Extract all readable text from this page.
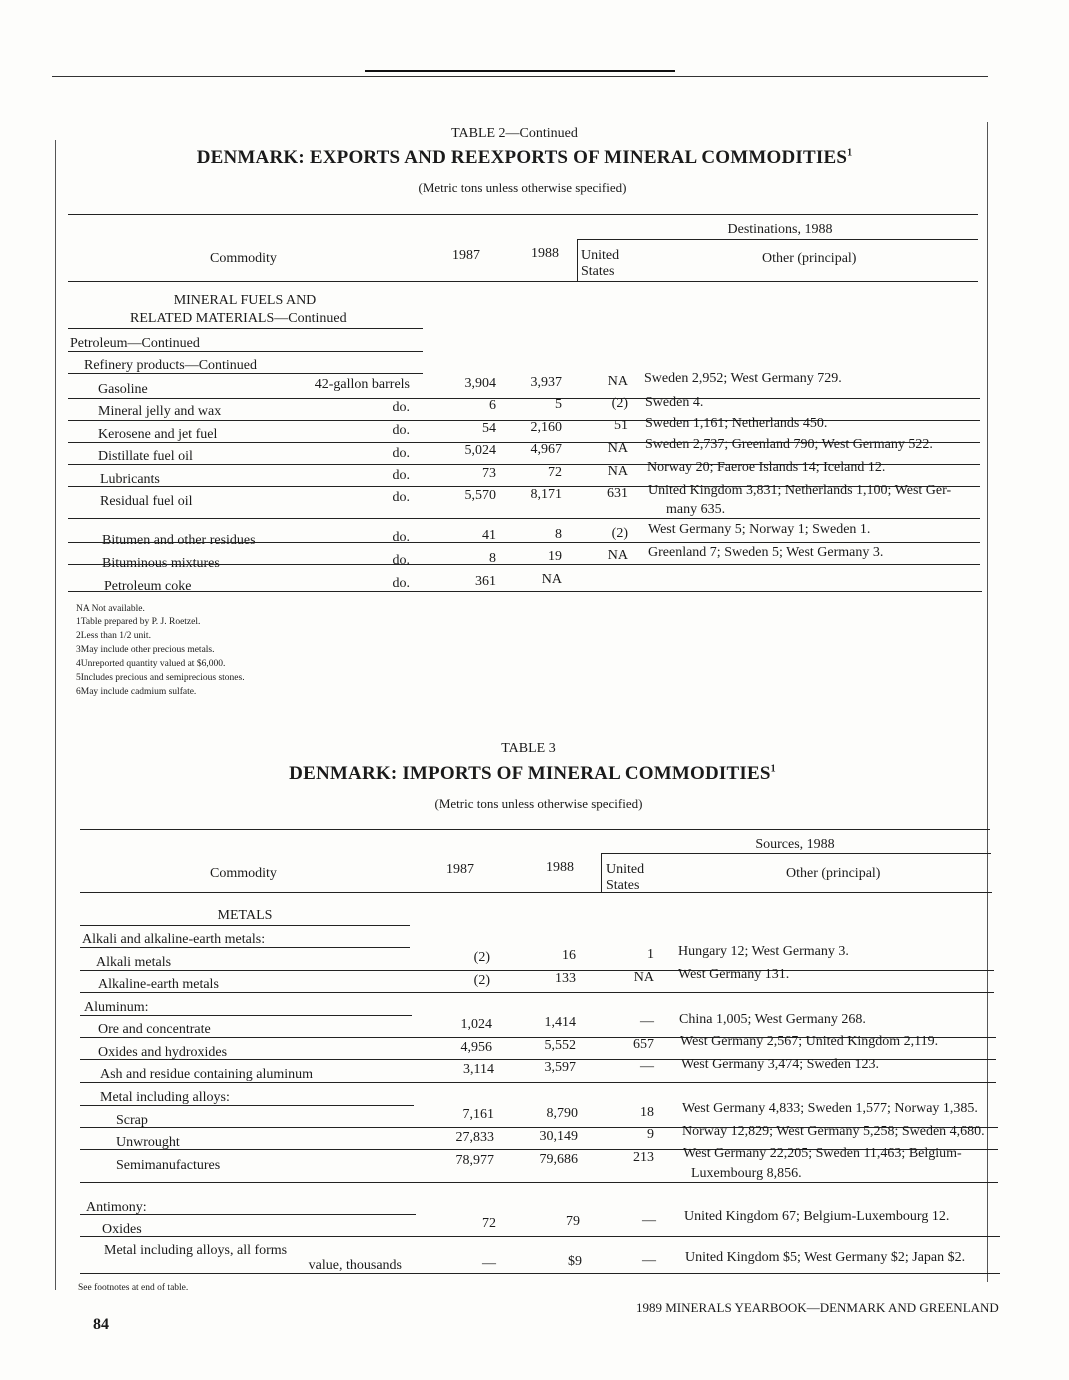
TABLE 2—Continued
DENMARK: EXPORTS AND REEXPORTS OF MINERAL COMMODITIES$^1$
(Metric tons unless otherwise specified)
Destinations, 1988
Commodity	1987	1988 United States
Other (principal)
MINERAL FUELS AND
RELATED MATERIALS—Continued
Petroleum—Continued
Refinery products—Continued
Gasoline	42-gallon barrels	3,904	3,937	NA Sweden 2,952; West Germany 729.
Mineral jelly and wax	do.	6	5	(2) Sweden 4.
Kerosene and jet fuel	do.	54	2,160	51 Sweden 1,161; Netherlands 450.
Distillate fuel oil	do.	5,024	4,967	NA Sweden 2,737; Greenland 790; West Germany 522.
Lubricants	do.	73	72	NA Norway 20; Faeroe Islands 14; Iceland 12.
Residual fuel oil	do.	5,570	8,171	631 United Kingdom 3,831; Netherlands 1,100; West Ger-
many 635.
Bitumen and other residues	do.	41	8	(2) West Germany 5; Norway 1; Sweden 1.
Bituminous mixtures	do.	8	19	NA Greenland 7; Sweden 5; West Germany 3.
Petroleum coke	do.	361	NA
NA Not available.
1Table prepared by P. J. Roetzel.
2Less than 1/2 unit.
3May include other precious metals.
4Unreported quantity valued at $6,000.
5Includes precious and semiprecious stones.
6May include cadmium sulfate.
TABLE 3
DENMARK: IMPORTS OF MINERAL COMMODITIES$^1$
(Metric tons unless otherwise specified)
Sources, 1988
Commodity	1987	1988 United States
Other (principal)
METALS
Alkali and alkaline-earth metals:
Alkali metals	(2)	16	1 Hungary 12; West Germany 3.
Alkaline-earth metals	(2)	133	NA West Germany 131.
Aluminum:
Ore and concentrate	1,024	1,414	— China 1,005; West Germany 268.
Oxides and hydroxides	4,956	5,552	657 West Germany 2,567; United Kingdom 2,119.
Ash and residue containing aluminum	3,114	3,597	— West Germany 3,474; Sweden 123.
Metal including alloys:
Scrap	7,161	8,790	18 West Germany 4,833; Sweden 1,577; Norway 1,385.
Unwrought	27,833	30,149	9 Norway 12,829; West Germany 5,258; Sweden 4,680.
Semimanufactures	78,977	79,686	213 West Germany 22,205; Sweden 11,463; Belgium-
Luxembourg 8,856.
Antimony:
Oxides	72	79	— United Kingdom 67; Belgium-Luxembourg 12.
Metal including alloys, all forms
value, thousands	—	$9	— United Kingdom $5; West Germany $2; Japan $2.
See footnotes at end of table.
84
1989 MINERALS YEARBOOK—DENMARK AND GREENLAND
